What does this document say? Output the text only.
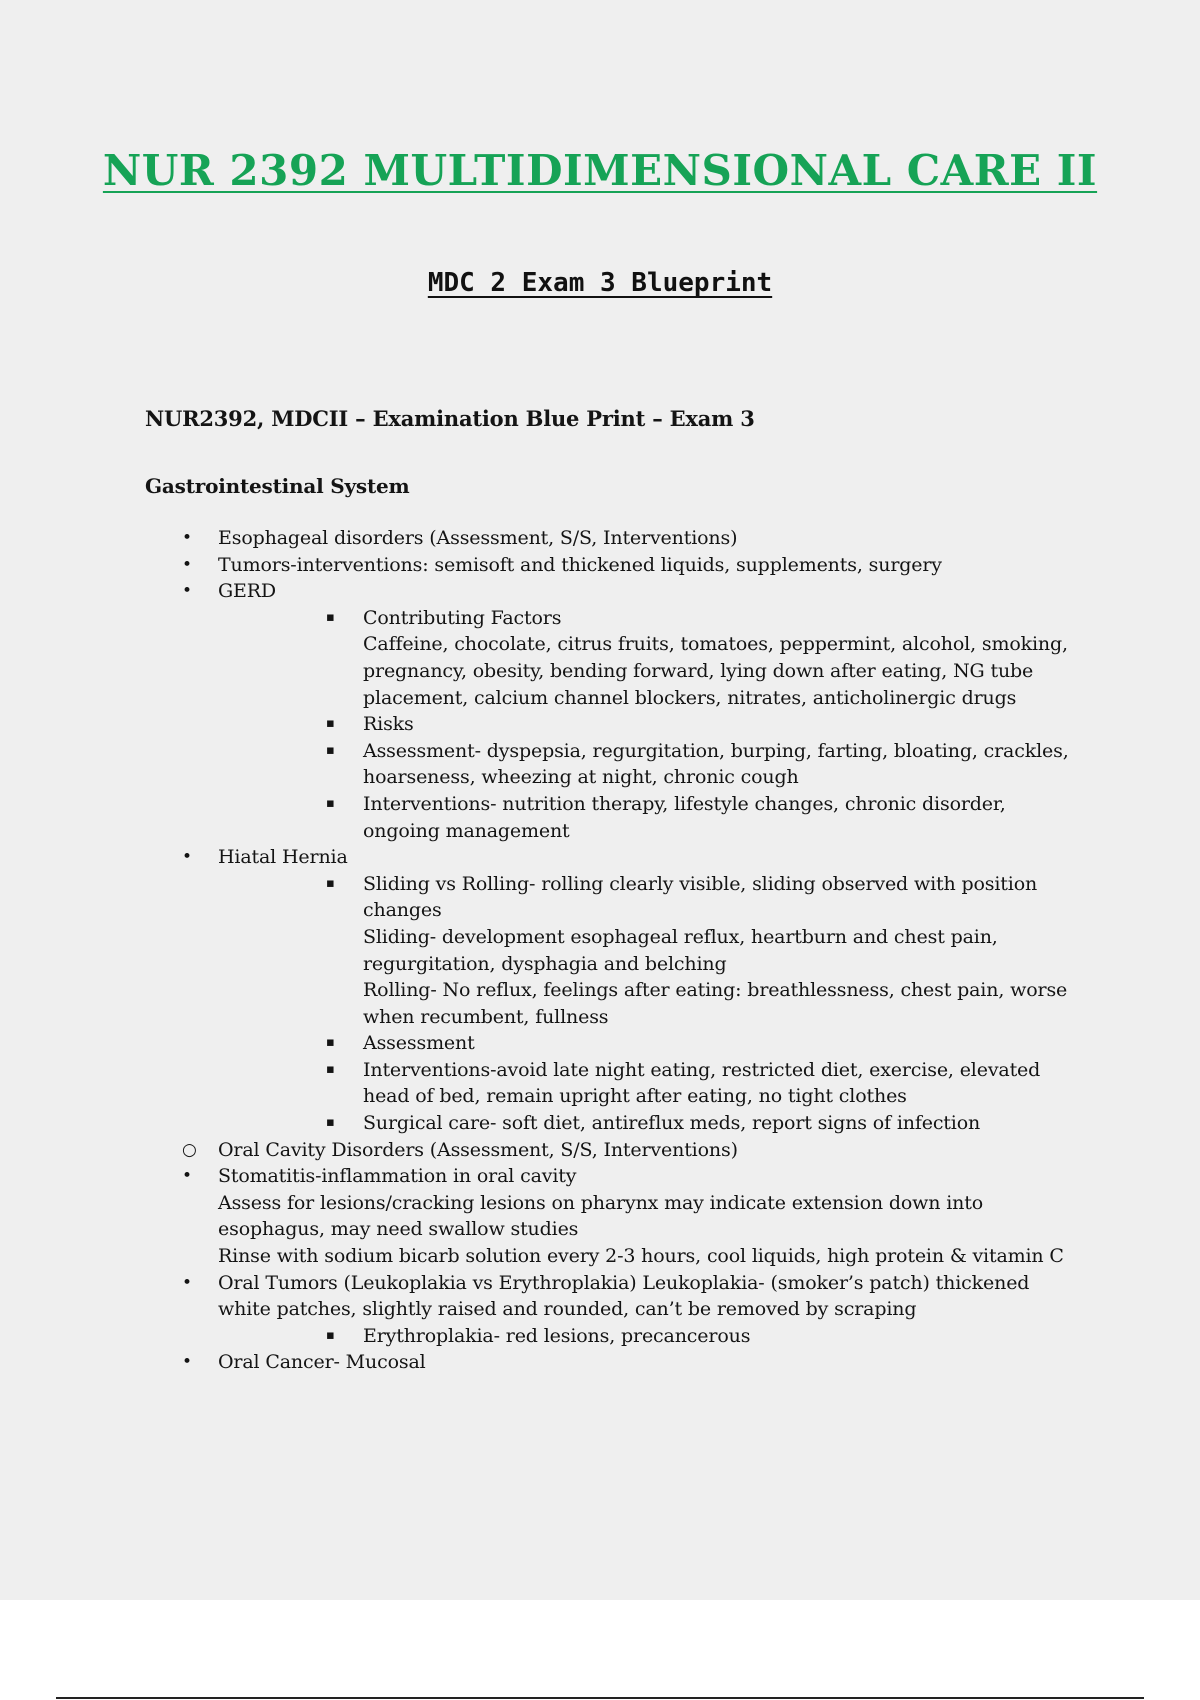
NUR 2392 MULTIDIMENSIONAL CARE II
MDC 2 Exam 3 Blueprint

NUR2392, MDCII – Examination Blue Print – Exam 3

Gastrointestinal System

• Esophageal disorders (Assessment, S/S, Interventions)

• Tumors-interventions: semisoft and thickened liquids, supplements, surgery

• GERD

▪ Contributing Factors

Caffeine, chocolate, citrus fruits, tomatoes, peppermint, alcohol, smoking, pregnancy, obesity, bending forward, lying down after eating, NG tube placement, calcium channel blockers, nitrates, anticholinergic drugs

▪ Risks

▪ Assessment- dyspepsia, regurgitation, burping, farting, bloating, crackles, hoarseness, wheezing at night, chronic cough

▪ Interventions- nutrition therapy, lifestyle changes, chronic disorder, ongoing management

• Hiatal Hernia

▪ Sliding vs Rolling- rolling clearly visible, sliding observed with position changes

Sliding- development esophageal reflux, heartburn and chest pain, regurgitation, dysphagia and belching

Rolling- No reflux, feelings after eating: breathlessness, chest pain, worse when recumbent, fullness

▪ Assessment

▪ Interventions-avoid late night eating, restricted diet, exercise, elevated head of bed, remain upright after eating, no tight clothes

▪ Surgical care- soft diet, antireflux meds, report signs of infection

○ Oral Cavity Disorders (Assessment, S/S, Interventions)

• Stomatitis-inflammation in oral cavity

Assess for lesions/cracking lesions on pharynx may indicate extension down into esophagus, may need swallow studies

Rinse with sodium bicarb solution every 2-3 hours, cool liquids, high protein & vitamin C

• Oral Tumors (Leukoplakia vs Erythroplakia) Leukoplakia- (smoker’s patch) thickened white patches, slightly raised and rounded, can’t be removed by scraping

▪ Erythroplakia- red lesions, precancerous

• Oral Cancer- Mucosal
